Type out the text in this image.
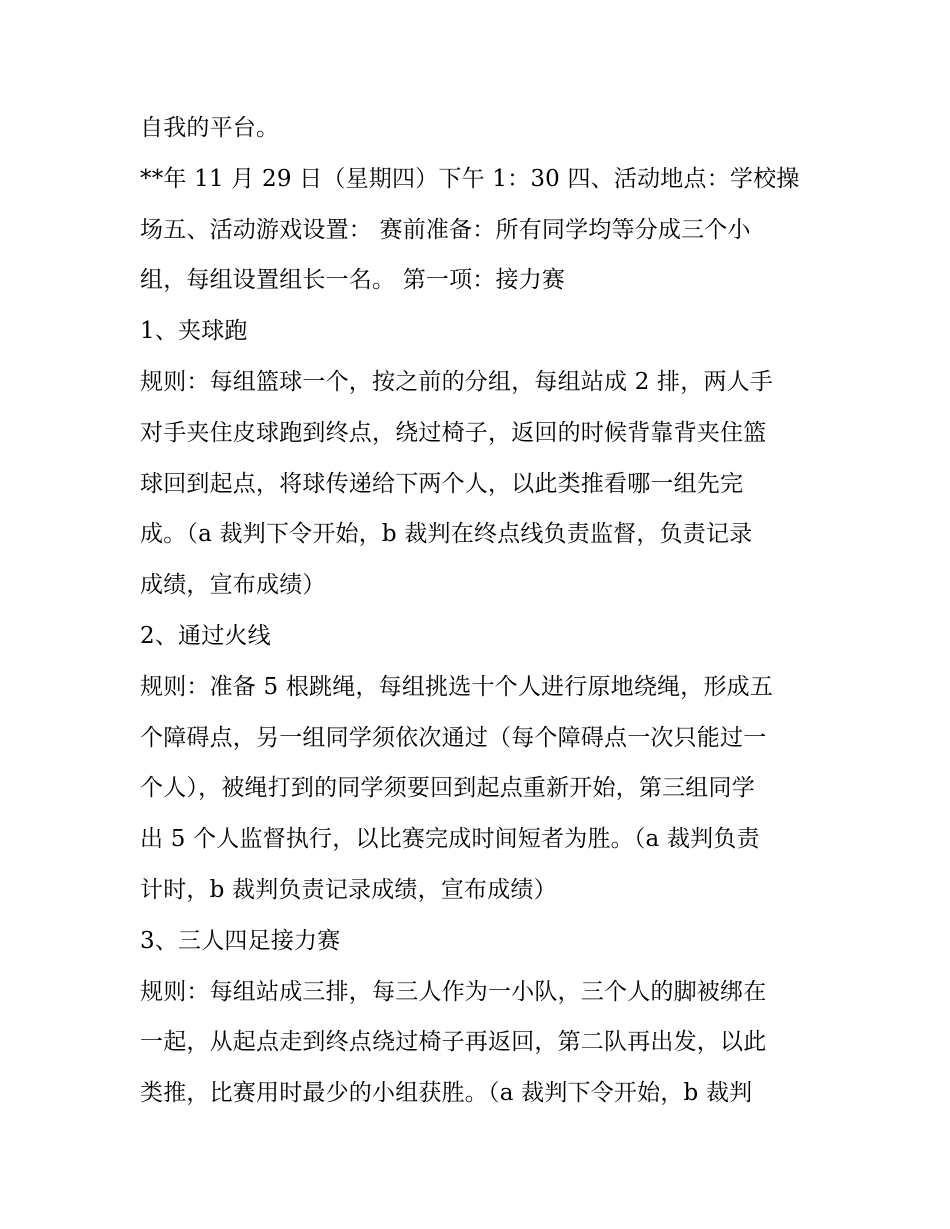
自我的平台。
**年 11 月 29 日（星期四）下午 1：30 四、活动地点：学校操
场五、活动游戏设置： 赛前准备：所有同学均等分成三个小
组，每组设置组长一名。 第一项：接力赛
1、夹球跑
规则：每组篮球一个，按之前的分组，每组站成 2 排，两人手
对手夹住皮球跑到终点，绕过椅子，返回的时候背靠背夹住篮
球回到起点，将球传递给下两个人，以此类推看哪一组先完
成。（a 裁判下令开始，b 裁判在终点线负责监督，负责记录
成绩，宣布成绩）
2、通过火线
规则：准备 5 根跳绳，每组挑选十个人进行原地绕绳，形成五
个障碍点，另一组同学须依次通过（每个障碍点一次只能过一
个人），被绳打到的同学须要回到起点重新开始，第三组同学
出 5 个人监督执行，以比赛完成时间短者为胜。（a 裁判负责
计时，b 裁判负责记录成绩，宣布成绩）
3、三人四足接力赛
规则：每组站成三排，每三人作为一小队，三个人的脚被绑在
一起，从起点走到终点绕过椅子再返回，第二队再出发，以此
类推，比赛用时最少的小组获胜。（a 裁判下令开始，b 裁判
